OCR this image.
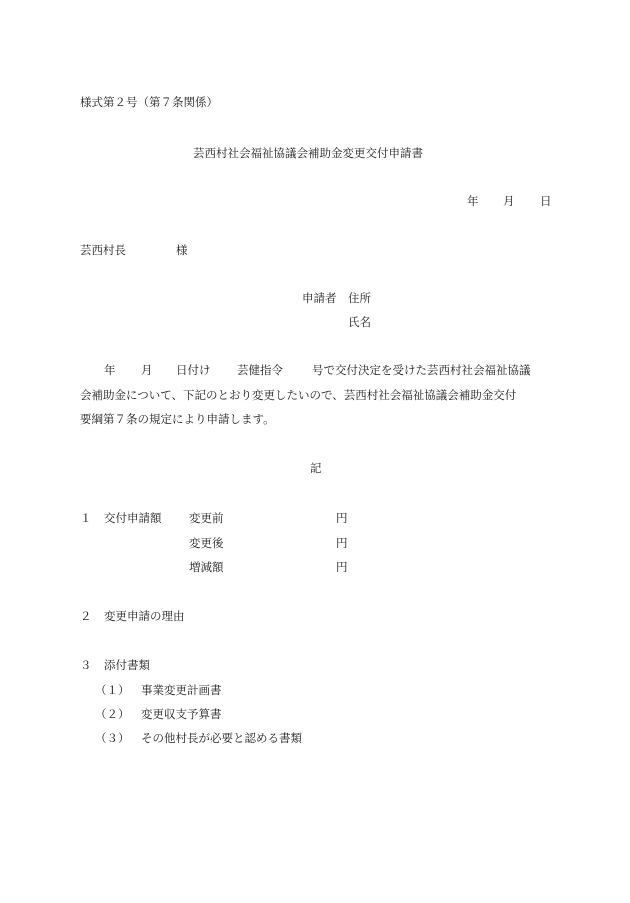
様式第２号（第７条関係）
芸西村社会福祉協議会補助金変更交付申請書
年 月 日
芸西村長	様
申請者 住所
氏名
年 月 日付け 芸健指令	号で交付決定を受けた芸西村社会福祉協議
会補助金について、下記のとおり変更したいので、芸西村社会福祉協議会補助金交付
要綱第７条の規定により申請します。
記
１ 交付申請額 変更前	円
変更後	円
増減額	円
２ 変更申請の理由
３ 添付書類
（１） 事業変更計画書
（２） 変更収支予算書
（３） その他村長が必要と認める書類
